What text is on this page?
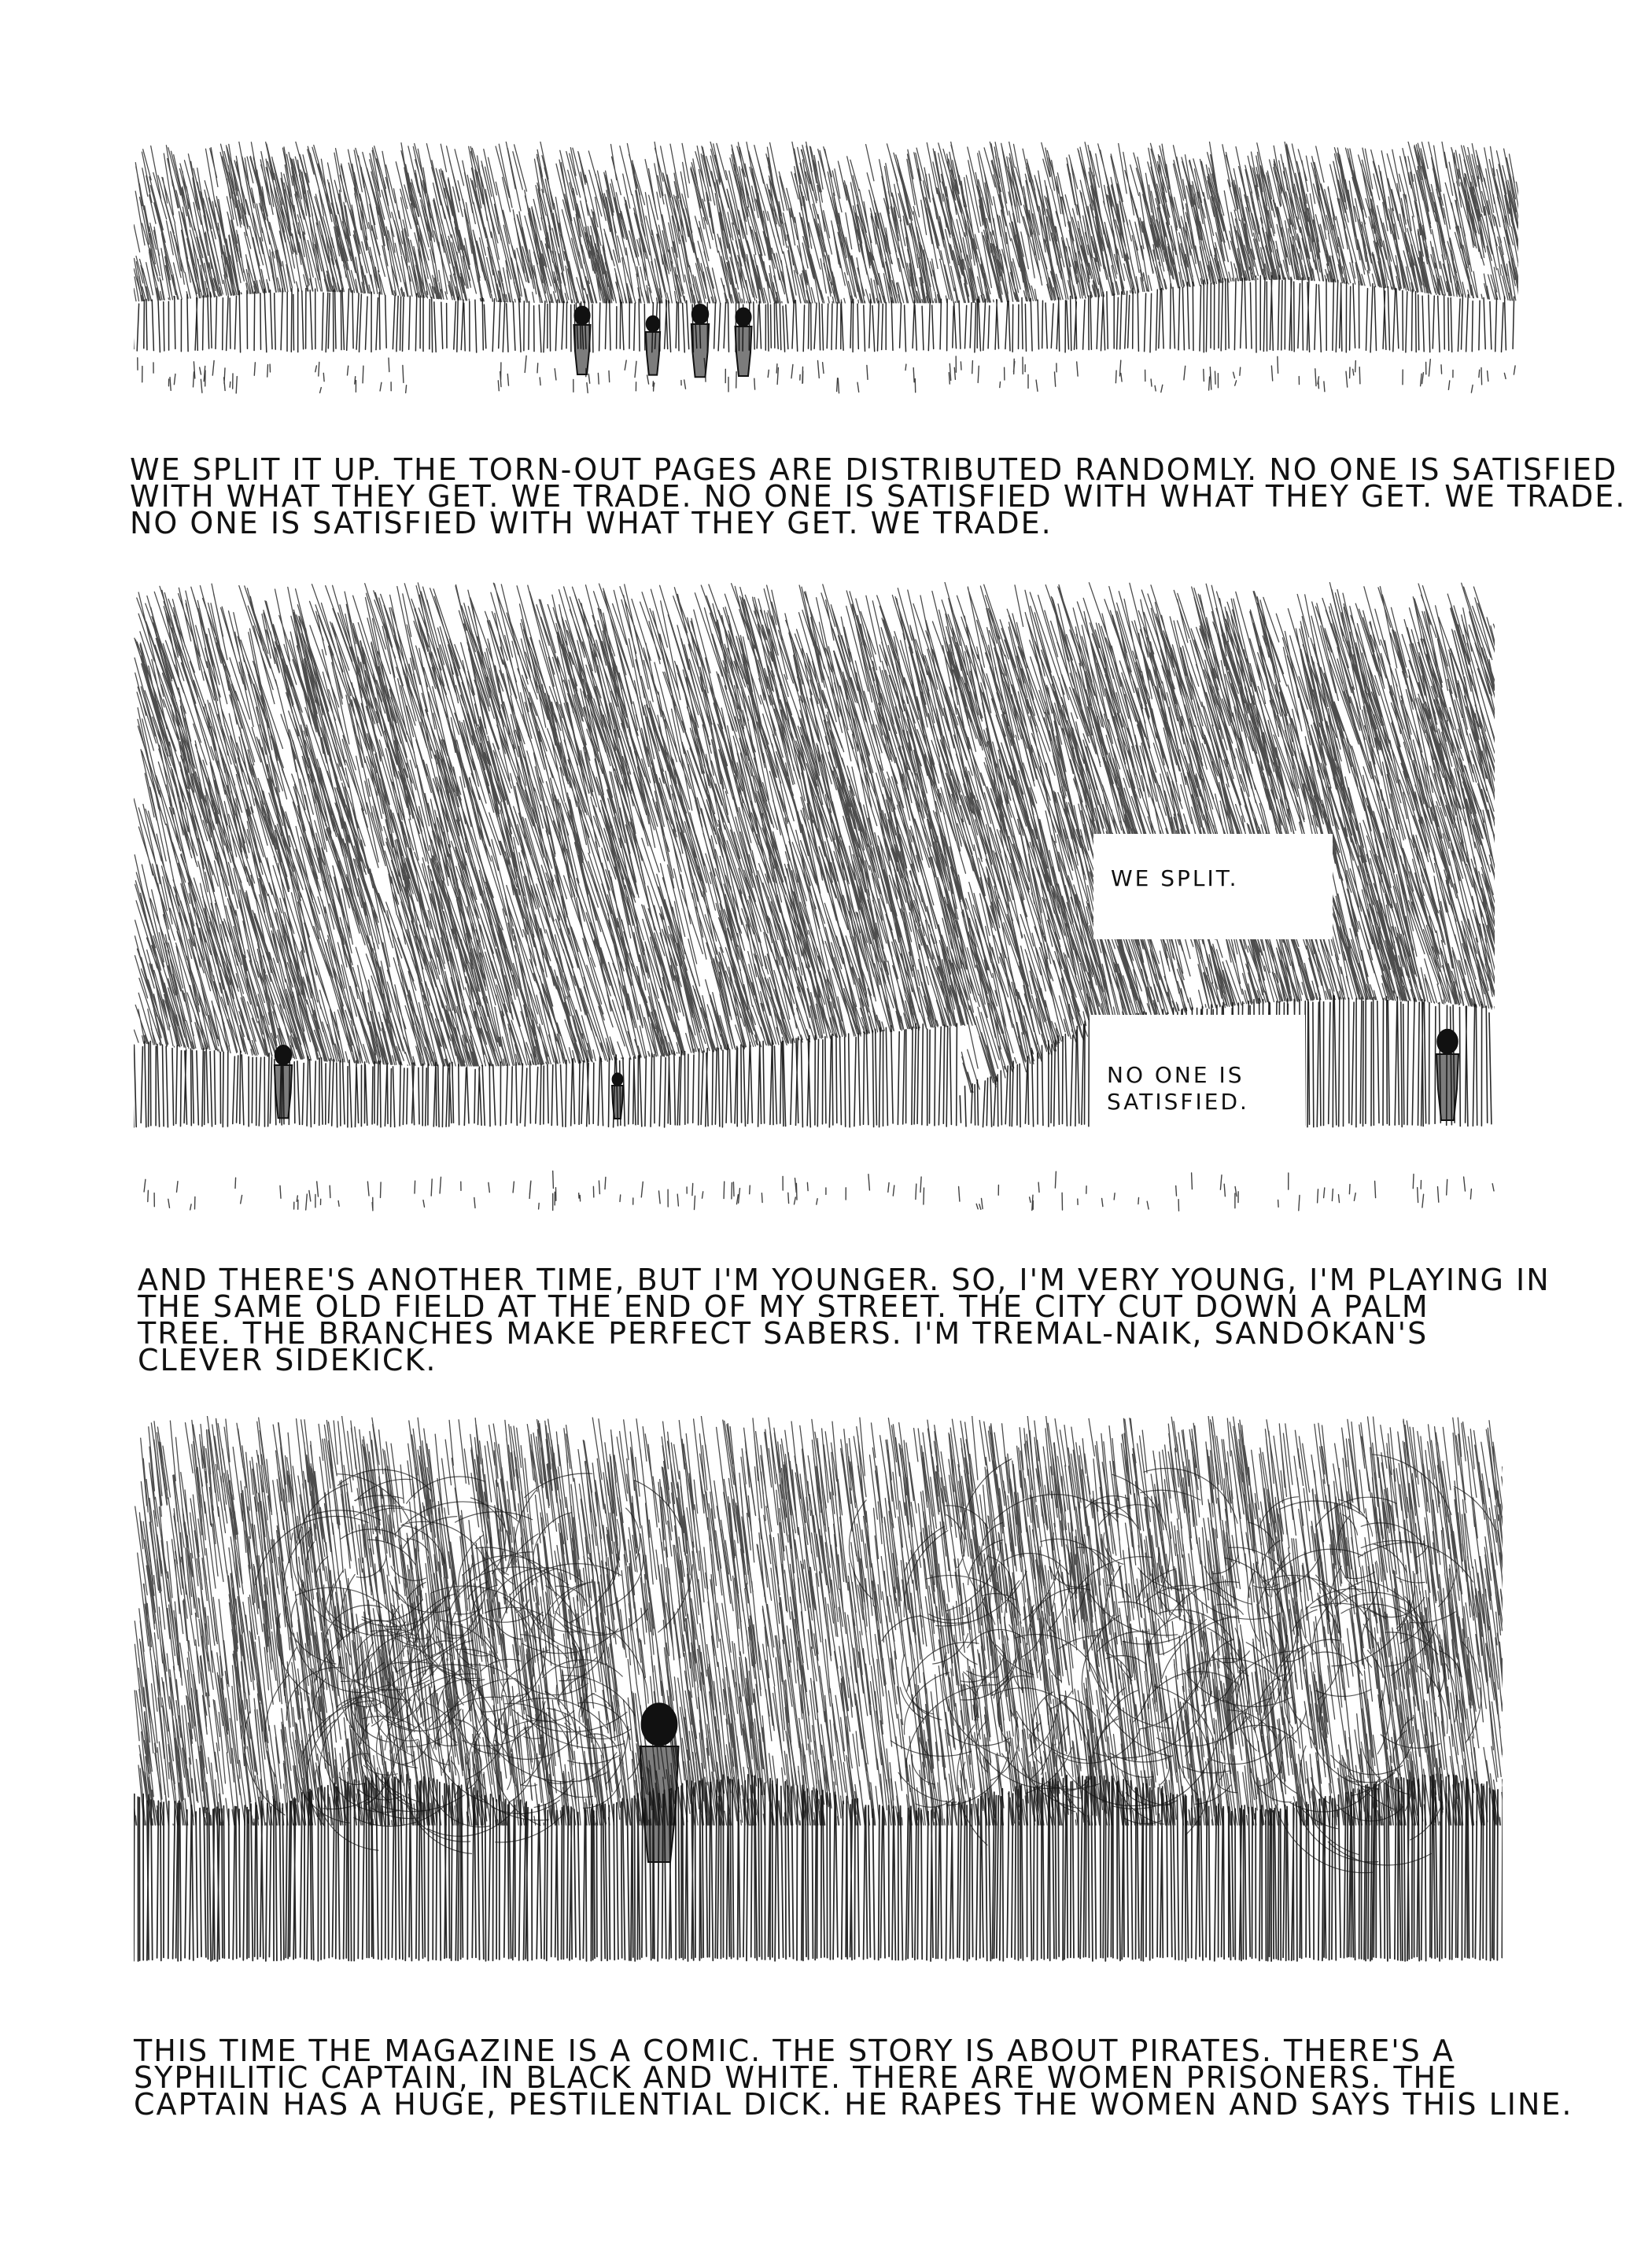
WE SPLIT IT UP. THE TORN-OUT PAGES ARE DISTRIBUTED RANDOMLY. NO ONE IS SATISFIED
WITH WHAT THEY GET. WE TRADE. NO ONE IS SATISFIED WITH WHAT THEY GET. WE TRADE.
NO ONE IS SATISFIED WITH WHAT THEY GET. WE TRADE.

WE SPLIT.
NO ONE IS
SATISFIED.

AND THERE'S ANOTHER TIME, BUT I'M YOUNGER. SO, I'M VERY YOUNG, I'M PLAYING IN
THE SAME OLD FIELD AT THE END OF MY STREET. THE CITY CUT DOWN A PALM
TREE. THE BRANCHES MAKE PERFECT SABERS. I'M TREMAL-NAIK, SANDOKAN'S
CLEVER SIDEKICK.

THIS TIME THE MAGAZINE IS A COMIC. THE STORY IS ABOUT PIRATES. THERE'S A
SYPHILITIC CAPTAIN, IN BLACK AND WHITE. THERE ARE WOMEN PRISONERS. THE
CAPTAIN HAS A HUGE, PESTILENTIAL DICK. HE RAPES THE WOMEN AND SAYS THIS LINE.
